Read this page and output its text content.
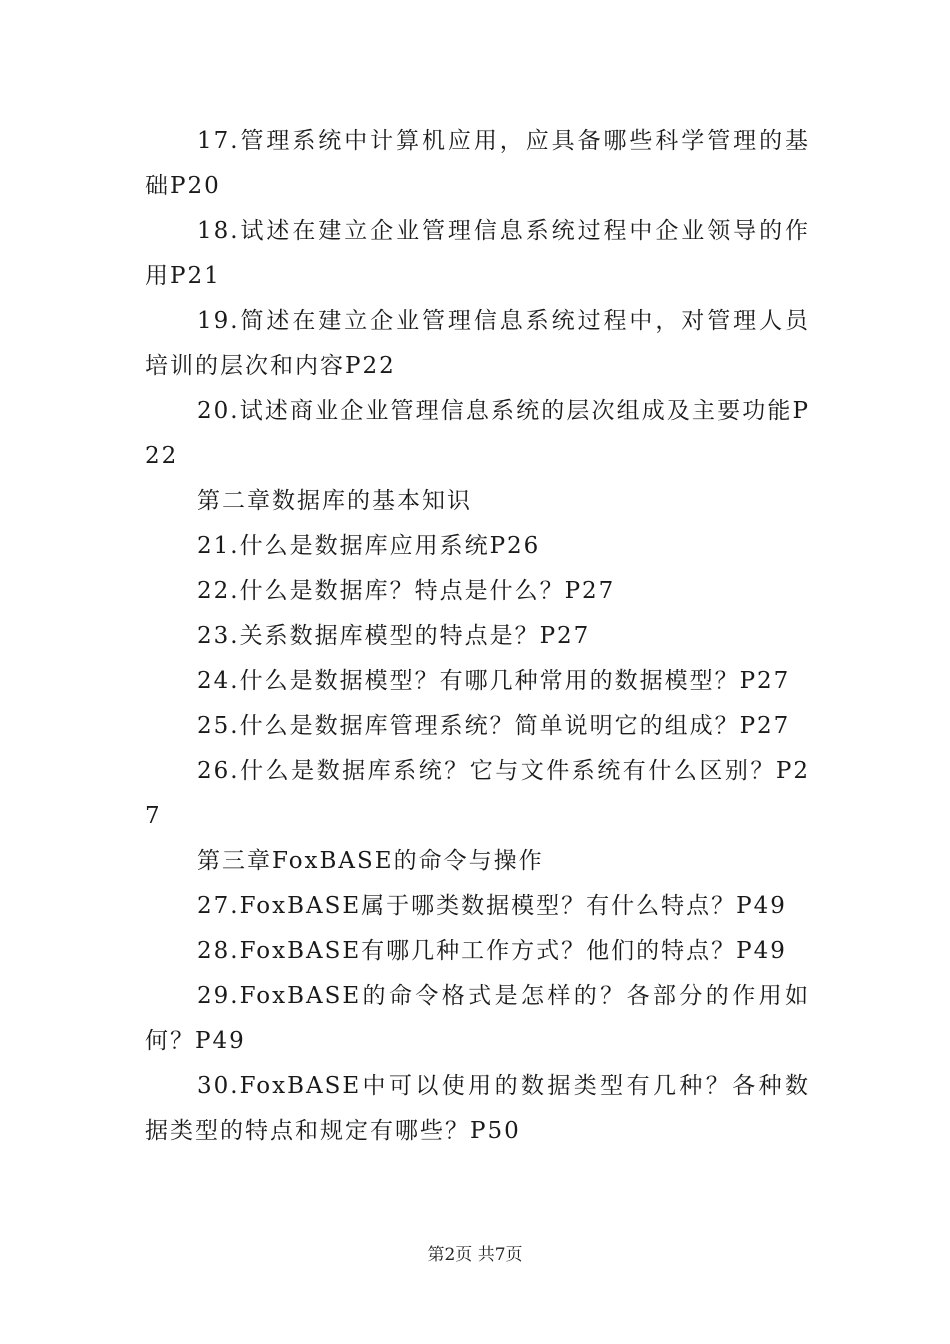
17.管理系统中计算机应用，应具备哪些科学管理的基础P20

18.试述在建立企业管理信息系统过程中企业领导的作用P21

19.简述在建立企业管理信息系统过程中，对管理人员培训的层次和内容P22

20.试述商业企业管理信息系统的层次组成及主要功能P22

第二章数据库的基本知识

21.什么是数据库应用系统P26

22.什么是数据库？特点是什么？P27

23.关系数据库模型的特点是？P27

24.什么是数据模型？有哪几种常用的数据模型？P27

25.什么是数据库管理系统？简单说明它的组成？P27

26.什么是数据库系统？它与文件系统有什么区别？P27

第三章FoxBASE的命令与操作

27.FoxBASE属于哪类数据模型？有什么特点？P49

28.FoxBASE有哪几种工作方式？他们的特点？P49

29.FoxBASE的命令格式是怎样的？各部分的作用如何？P49

30.FoxBASE中可以使用的数据类型有几种？各种数据类型的特点和规定有哪些？P50

第2页 共7页
